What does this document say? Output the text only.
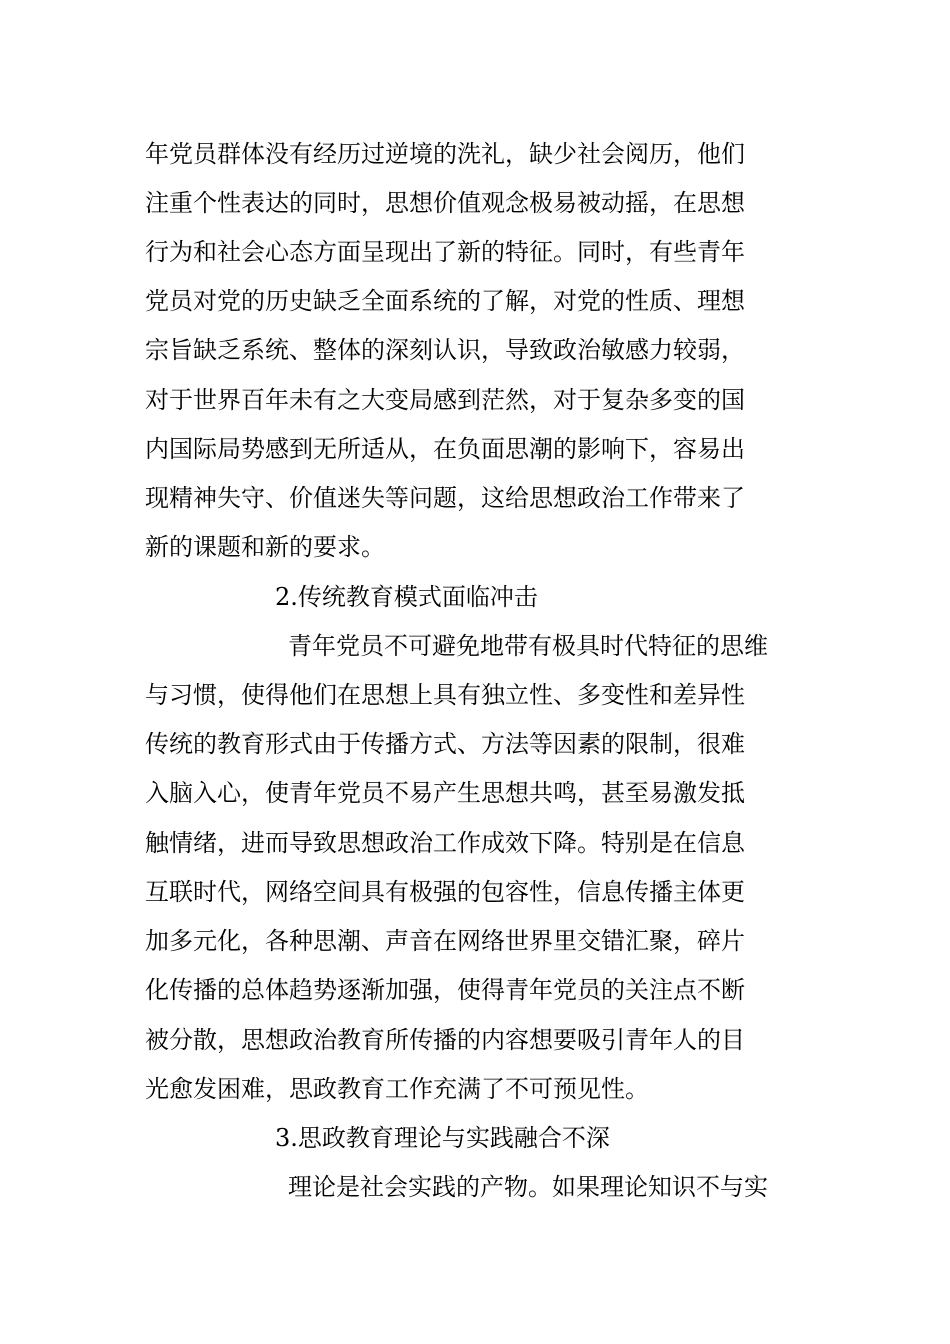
年党员群体没有经历过逆境的洗礼，缺少社会阅历，他们
注重个性表达的同时，思想价值观念极易被动摇，在思想
行为和社会心态方面呈现出了新的特征。同时，有些青年
党员对党的历史缺乏全面系统的了解，对党的性质、理想
宗旨缺乏系统、整体的深刻认识，导致政治敏感力较弱，
对于世界百年未有之大变局感到茫然，对于复杂多变的国
内国际局势感到无所适从，在负面思潮的影响下，容易出
现精神失守、价值迷失等问题，这给思想政治工作带来了
新的课题和新的要求。
2.传统教育模式面临冲击
青年党员不可避免地带有极具时代特征的思维
与习惯，使得他们在思想上具有独立性、多变性和差异性
传统的教育形式由于传播方式、方法等因素的限制，很难
入脑入心，使青年党员不易产生思想共鸣，甚至易激发抵
触情绪，进而导致思想政治工作成效下降。特别是在信息
互联时代，网络空间具有极强的包容性，信息传播主体更
加多元化，各种思潮、声音在网络世界里交错汇聚，碎片
化传播的总体趋势逐渐加强，使得青年党员的关注点不断
被分散，思想政治教育所传播的内容想要吸引青年人的目
光愈发困难，思政教育工作充满了不可预见性。
3.思政教育理论与实践融合不深
理论是社会实践的产物。如果理论知识不与实
